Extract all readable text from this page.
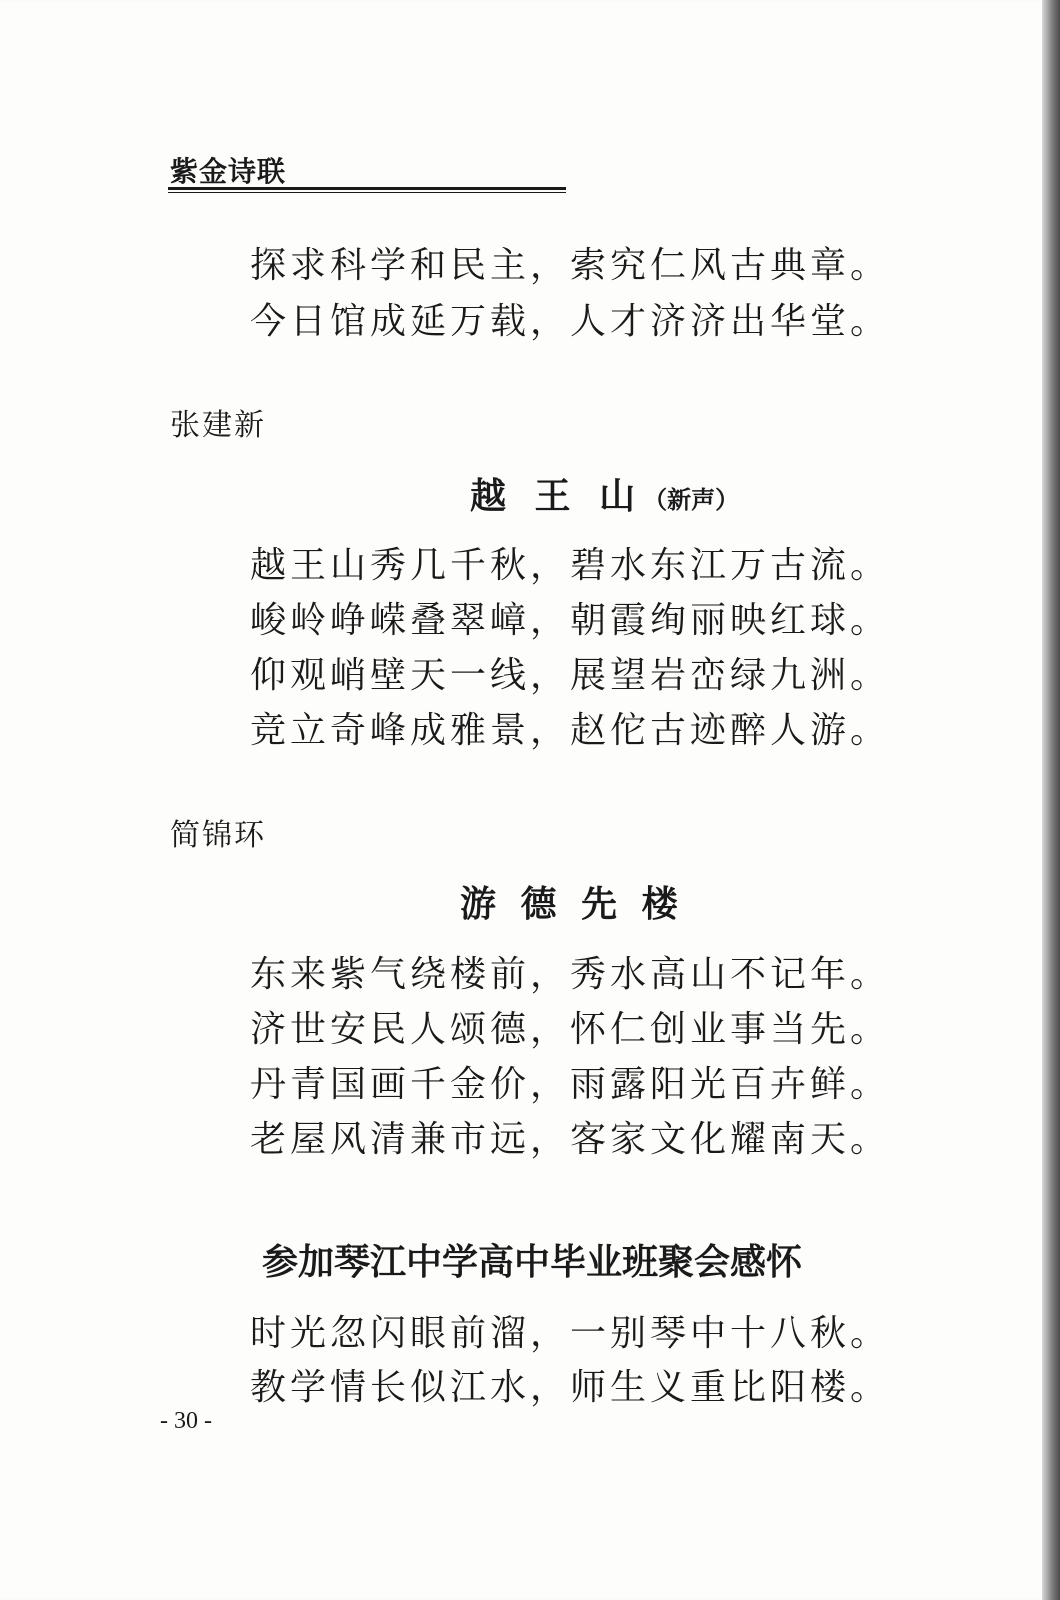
紫金诗联
探求科学和民主，索究仁风古典章。
今日馆成延万载，人才济济出华堂。
张建新
越 王 山（新声）
越王山秀几千秋，碧水东江万古流。
峻岭峥嵘叠翠嶂，朝霞绚丽映红球。
仰观峭壁天一线，展望岩峦绿九洲。
竞立奇峰成雅景，赵佗古迹醉人游。
简锦环
游 德 先 楼
东来紫气绕楼前，秀水高山不记年。
济世安民人颂德，怀仁创业事当先。
丹青国画千金价，雨露阳光百卉鲜。
老屋风清兼市远，客家文化耀南天。
参加琴江中学高中毕业班聚会感怀
时光忽闪眼前溜，一别琴中十八秋。
教学情长似江水，师生义重比阳楼。
- 30 -
